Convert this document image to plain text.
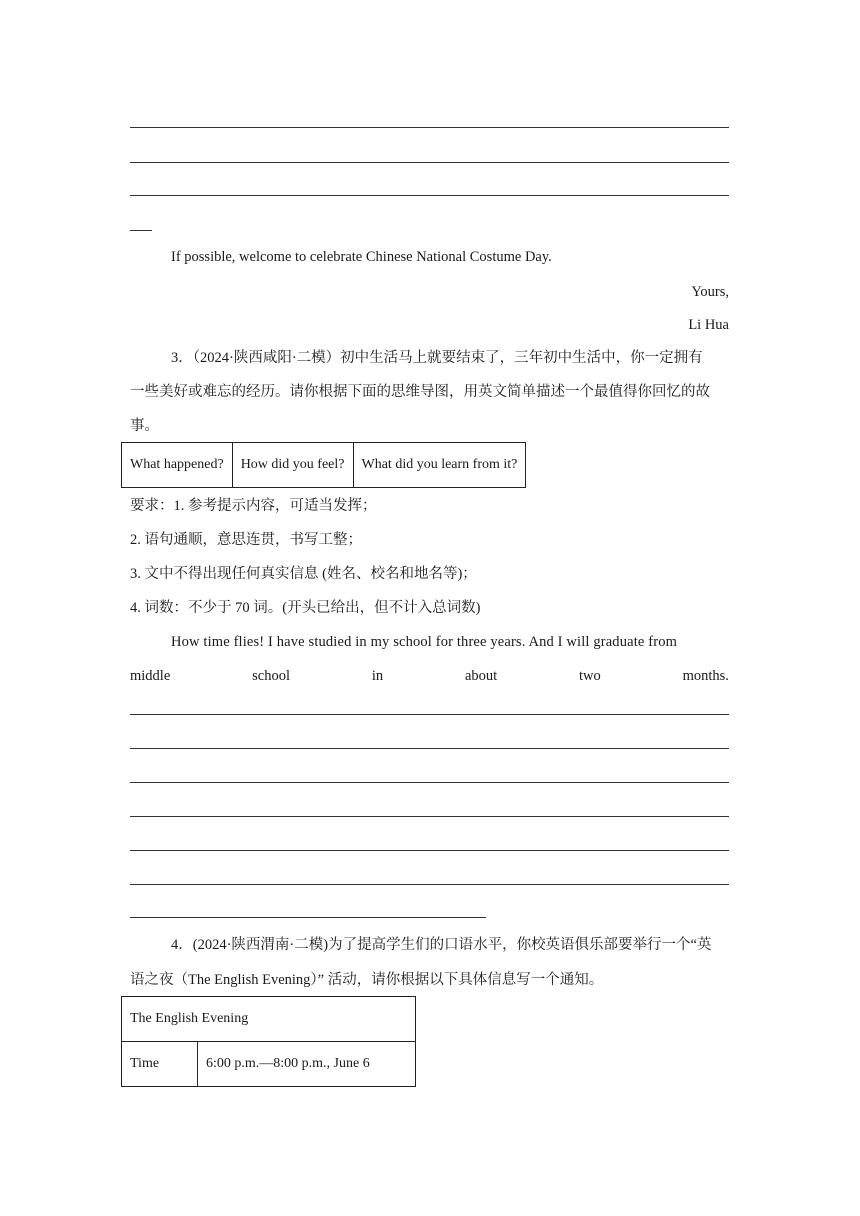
If possible, welcome to celebrate Chinese National Costume Day.
Yours,
Li Hua
3．（2024·陕西咸阳·二模）初中生活马上就要结束了，三年初中生活中，你一定拥有
一些美好或难忘的经历。请你根据下面的思维导图，用英文简单描述一个最值得你回忆的故
事。
What happened?	How did you feel?	What did you learn from it?
要求：1. 参考提示内容，可适当发挥；
2. 语句通顺，意思连贯，书写工整；
3. 文中不得出现任何真实信息 (姓名、校名和地名等)；
4. 词数：不少于 70 词。(开头已给出，但不计入总词数)
How time flies! I have studied in my school for three years. And I will graduate from
middle	school	in	about	two	months.
4．(2024·陕西渭南·二模)为了提高学生们的口语水平，你校英语俱乐部要举行一个“英
语之夜（The English Evening）” 活动，请你根据以下具体信息写一个通知。
The English Evening
Time	6:00 p.m.—8:00 p.m., June 6
